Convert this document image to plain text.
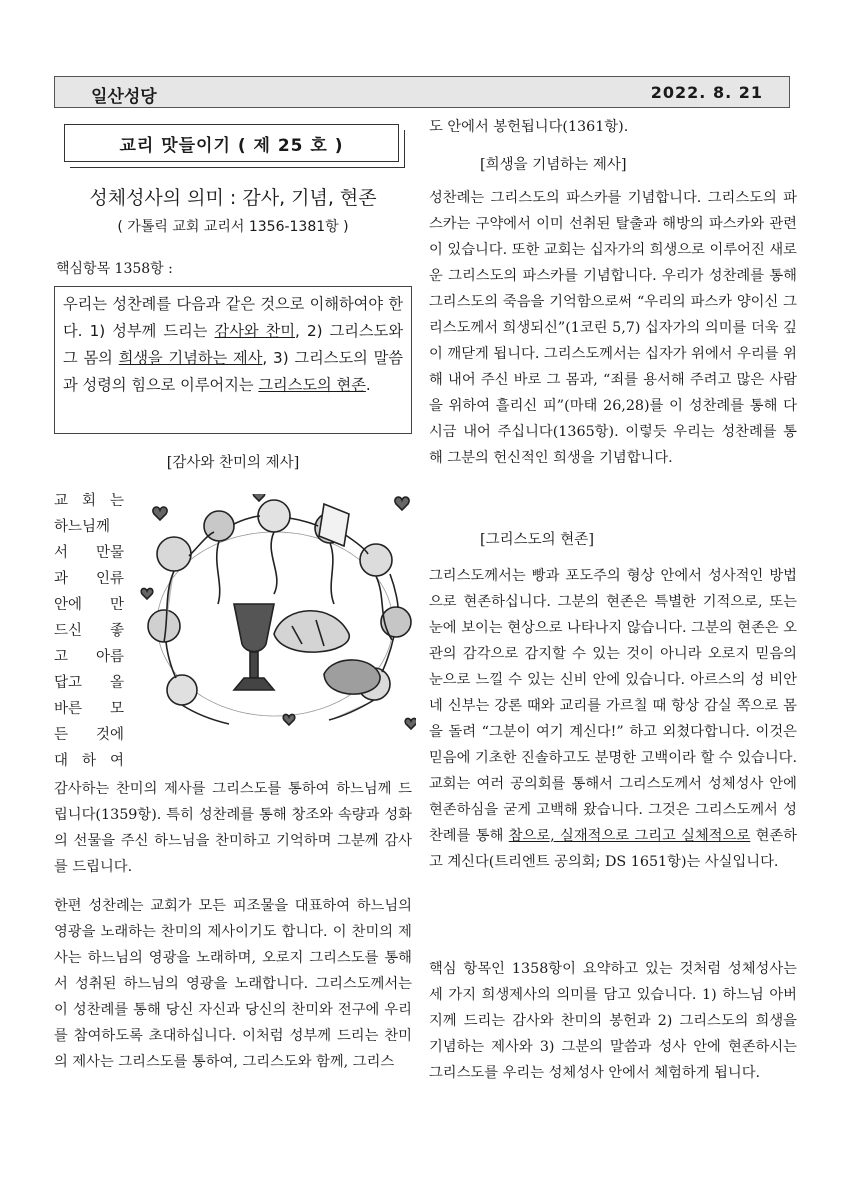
일산성당	2022. 8. 21
교리 맛들이기 ( 제 25 호 )
성체성사의 의미 : 감사, 기념, 현존
( 가톨릭 교회 교리서 1356-1381항 )
핵심항목 1358항 :
우리는 성찬례를 다음과 같은 것으로 이해하여야 한다. 1) 성부께 드리는 감사와 찬미, 2) 그리스도와 그 몸의 희생을 기념하는 제사, 3) 그리스도의 말씀과 성령의 힘으로 이루어지는 그리스도의 현존.
[감사와 찬미의 제사]
교 회 는
하느님께
서 만물
과 인류
안에 만
드신 좋
고 아름
답고 올
바른 모
든 것에
대 하 여

감사하는 찬미의 제사를 그리스도를 통하여 하느님께 드립니다(1359항). 특히 성찬례를 통해 창조와 속량과 성화의 선물을 주신 하느님을 찬미하고 기억하며 그분께 감사를 드립니다.

한편 성찬례는 교회가 모든 피조물을 대표하여 하느님의 영광을 노래하는 찬미의 제사이기도 합니다. 이 찬미의 제사는 하느님의 영광을 노래하며, 오로지 그리스도를 통해서 성취된 하느님의 영광을 노래합니다. 그리스도께서는 이 성찬례를 통해 당신 자신과 당신의 찬미와 전구에 우리를 참여하도록 초대하십니다. 이처럼 성부께 드리는 찬미의 제사는 그리스도를 통하여, 그리스도와 함께, 그리스

도 안에서 봉헌됩니다(1361항).

[희생을 기념하는 제사]

성찬례는 그리스도의 파스카를 기념합니다. 그리스도의 파스카는 구약에서 이미 선취된 탈출과 해방의 파스카와 관련이 있습니다. 또한 교회는 십자가의 희생으로 이루어진 새로운 그리스도의 파스카를 기념합니다. 우리가 성찬례를 통해 그리스도의 죽음을 기억함으로써 “우리의 파스카 양이신 그리스도께서 희생되신”(1코린 5,7) 십자가의 의미를 더욱 깊이 깨닫게 됩니다. 그리스도께서는 십자가 위에서 우리를 위해 내어 주신 바로 그 몸과, “죄를 용서해 주려고 많은 사람을 위하여 흘리신 피”(마태 26,28)를 이 성찬례를 통해 다시금 내어 주십니다(1365항). 이렇듯 우리는 성찬례를 통해 그분의 헌신적인 희생을 기념합니다.

[그리스도의 현존]

그리스도께서는 빵과 포도주의 형상 안에서 성사적인 방법으로 현존하십니다. 그분의 현존은 특별한 기적으로, 또는 눈에 보이는 현상으로 나타나지 않습니다. 그분의 현존은 오관의 감각으로 감지할 수 있는 것이 아니라 오로지 믿음의 눈으로 느낄 수 있는 신비 안에 있습니다. 아르스의 성 비안네 신부는 강론 때와 교리를 가르칠 때 항상 감실 쪽으로 몸을 돌려 “그분이 여기 계신다!” 하고 외쳤다합니다. 이것은 믿음에 기초한 진솔하고도 분명한 고백이라 할 수 있습니다. 교회는 여러 공의회를 통해서 그리스도께서 성체성사 안에 현존하심을 굳게 고백해 왔습니다. 그것은 그리스도께서 성찬례를 통해 참으로, 실재적으로 그리고 실체적으로 현존하고 계신다(트리엔트 공의회; DS 1651항)는 사실입니다.

핵심 항목인 1358항이 요약하고 있는 것처럼 성체성사는 세 가지 희생제사의 의미를 담고 있습니다. 1) 하느님 아버지께 드리는 감사와 찬미의 봉헌과 2) 그리스도의 희생을 기념하는 제사와 3) 그분의 말씀과 성사 안에 현존하시는 그리스도를 우리는 성체성사 안에서 체험하게 됩니다.
